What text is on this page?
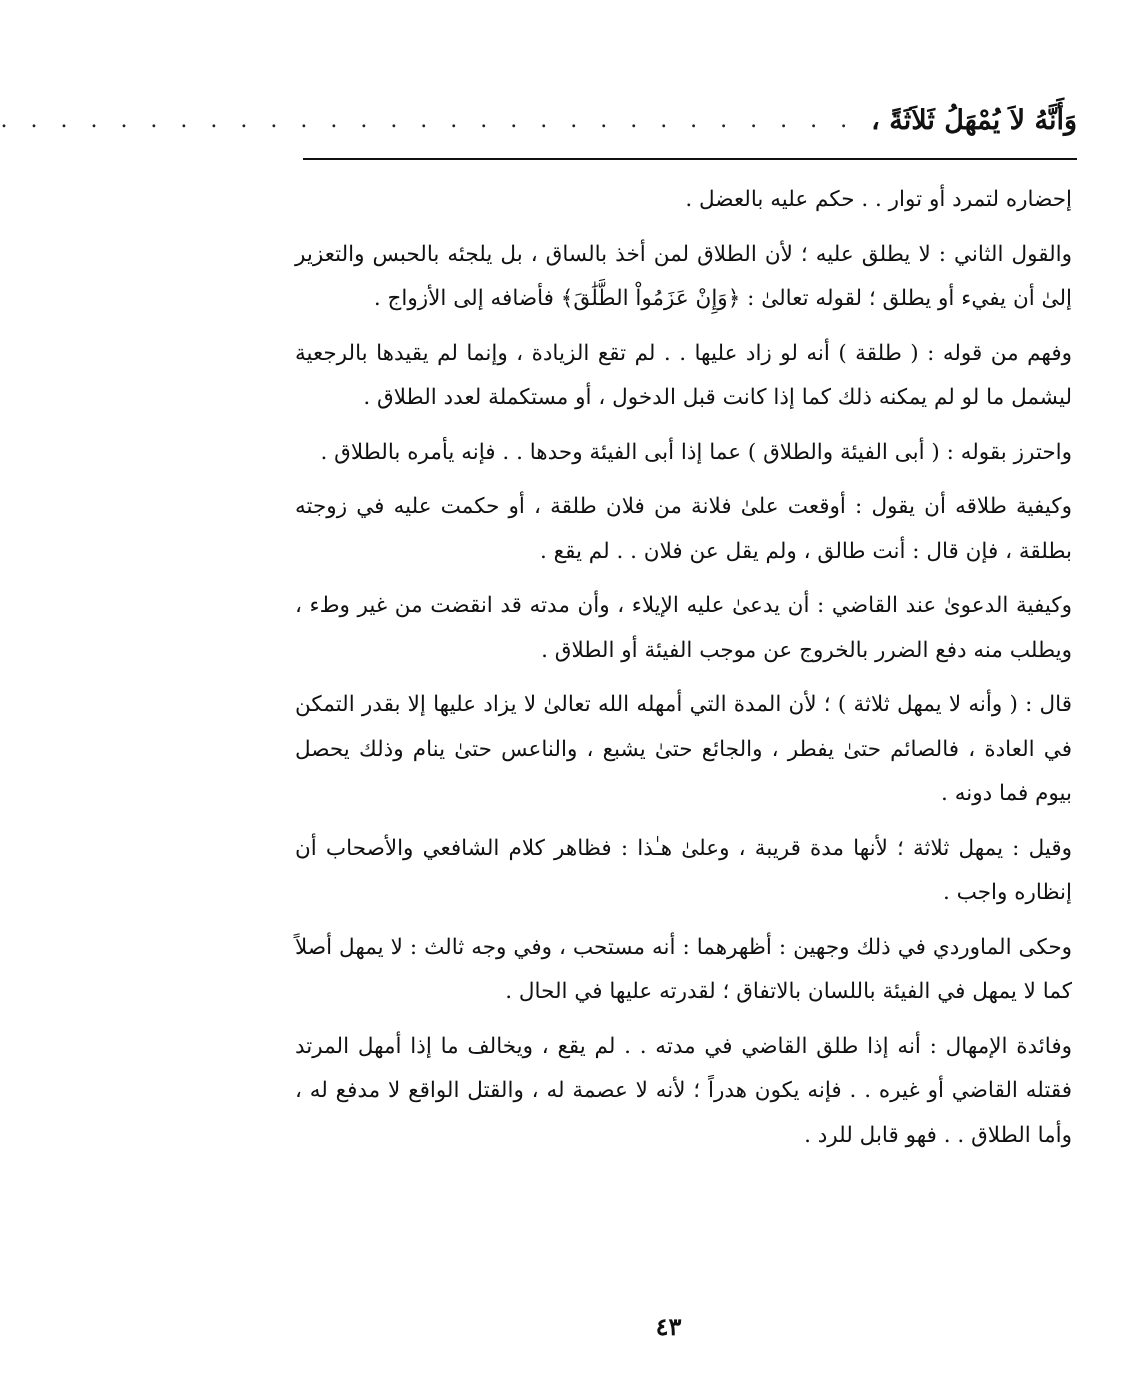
وَأَنَّهُ لاَ يُمْهَلُ ثَلاَثَةً ،
. . . . . . . . . . . . . . . . . . . . . . . . . . . . .

إحضاره لتمرد أو توار . . حكم عليه بالعضل .

والقول الثاني : لا يطلق عليه ؛ لأن الطلاق لمن أخذ بالساق ، بل يلجئه بالحبس والتعزير إلىٰ أن يفيء أو يطلق ؛ لقوله تعالىٰ : ﴿وَإِنْ عَزَمُواْ الطَّلَٰقَ﴾ فأضافه إلى الأزواج .

وفهم من قوله : ( طلقة ) أنه لو زاد عليها . . لم تقع الزيادة ، وإنما لم يقيدها بالرجعية ليشمل ما لو لم يمكنه ذلك كما إذا كانت قبل الدخول ، أو مستكملة لعدد الطلاق .

واحترز بقوله : ( أبى الفيئة والطلاق ) عما إذا أبى الفيئة وحدها . . فإنه يأمره بالطلاق .

وكيفية طلاقه أن يقول : أوقعت علىٰ فلانة من فلان طلقة ، أو حكمت عليه في زوجته بطلقة ، فإن قال : أنت طالق ، ولم يقل عن فلان . . لم يقع .

وكيفية الدعوىٰ عند القاضي : أن يدعىٰ عليه الإيلاء ، وأن مدته قد انقضت من غير وطء ، ويطلب منه دفع الضرر بالخروج عن موجب الفيئة أو الطلاق .

قال : ( وأنه لا يمهل ثلاثة ) ؛ لأن المدة التي أمهله الله تعالىٰ لا يزاد عليها إلا بقدر التمكن في العادة ، فالصائم حتىٰ يفطر ، والجائع حتىٰ يشبع ، والناعس حتىٰ ينام وذلك يحصل بيوم فما دونه .

وقيل : يمهل ثلاثة ؛ لأنها مدة قريبة ، وعلىٰ هـٰذا : فظاهر كلام الشافعي والأصحاب أن إنظاره واجب .

وحكى الماوردي في ذلك وجهين : أظهرهما : أنه مستحب ، وفي وجه ثالث : لا يمهل أصلاً كما لا يمهل في الفيئة باللسان بالاتفاق ؛ لقدرته عليها في الحال .

وفائدة الإمهال : أنه إذا طلق القاضي في مدته . . لم يقع ، ويخالف ما إذا أمهل المرتد فقتله القاضي أو غيره . . فإنه يكون هدراً ؛ لأنه لا عصمة له ، والقتل الواقع لا مدفع له ، وأما الطلاق . . فهو قابل للرد .

٤٣
